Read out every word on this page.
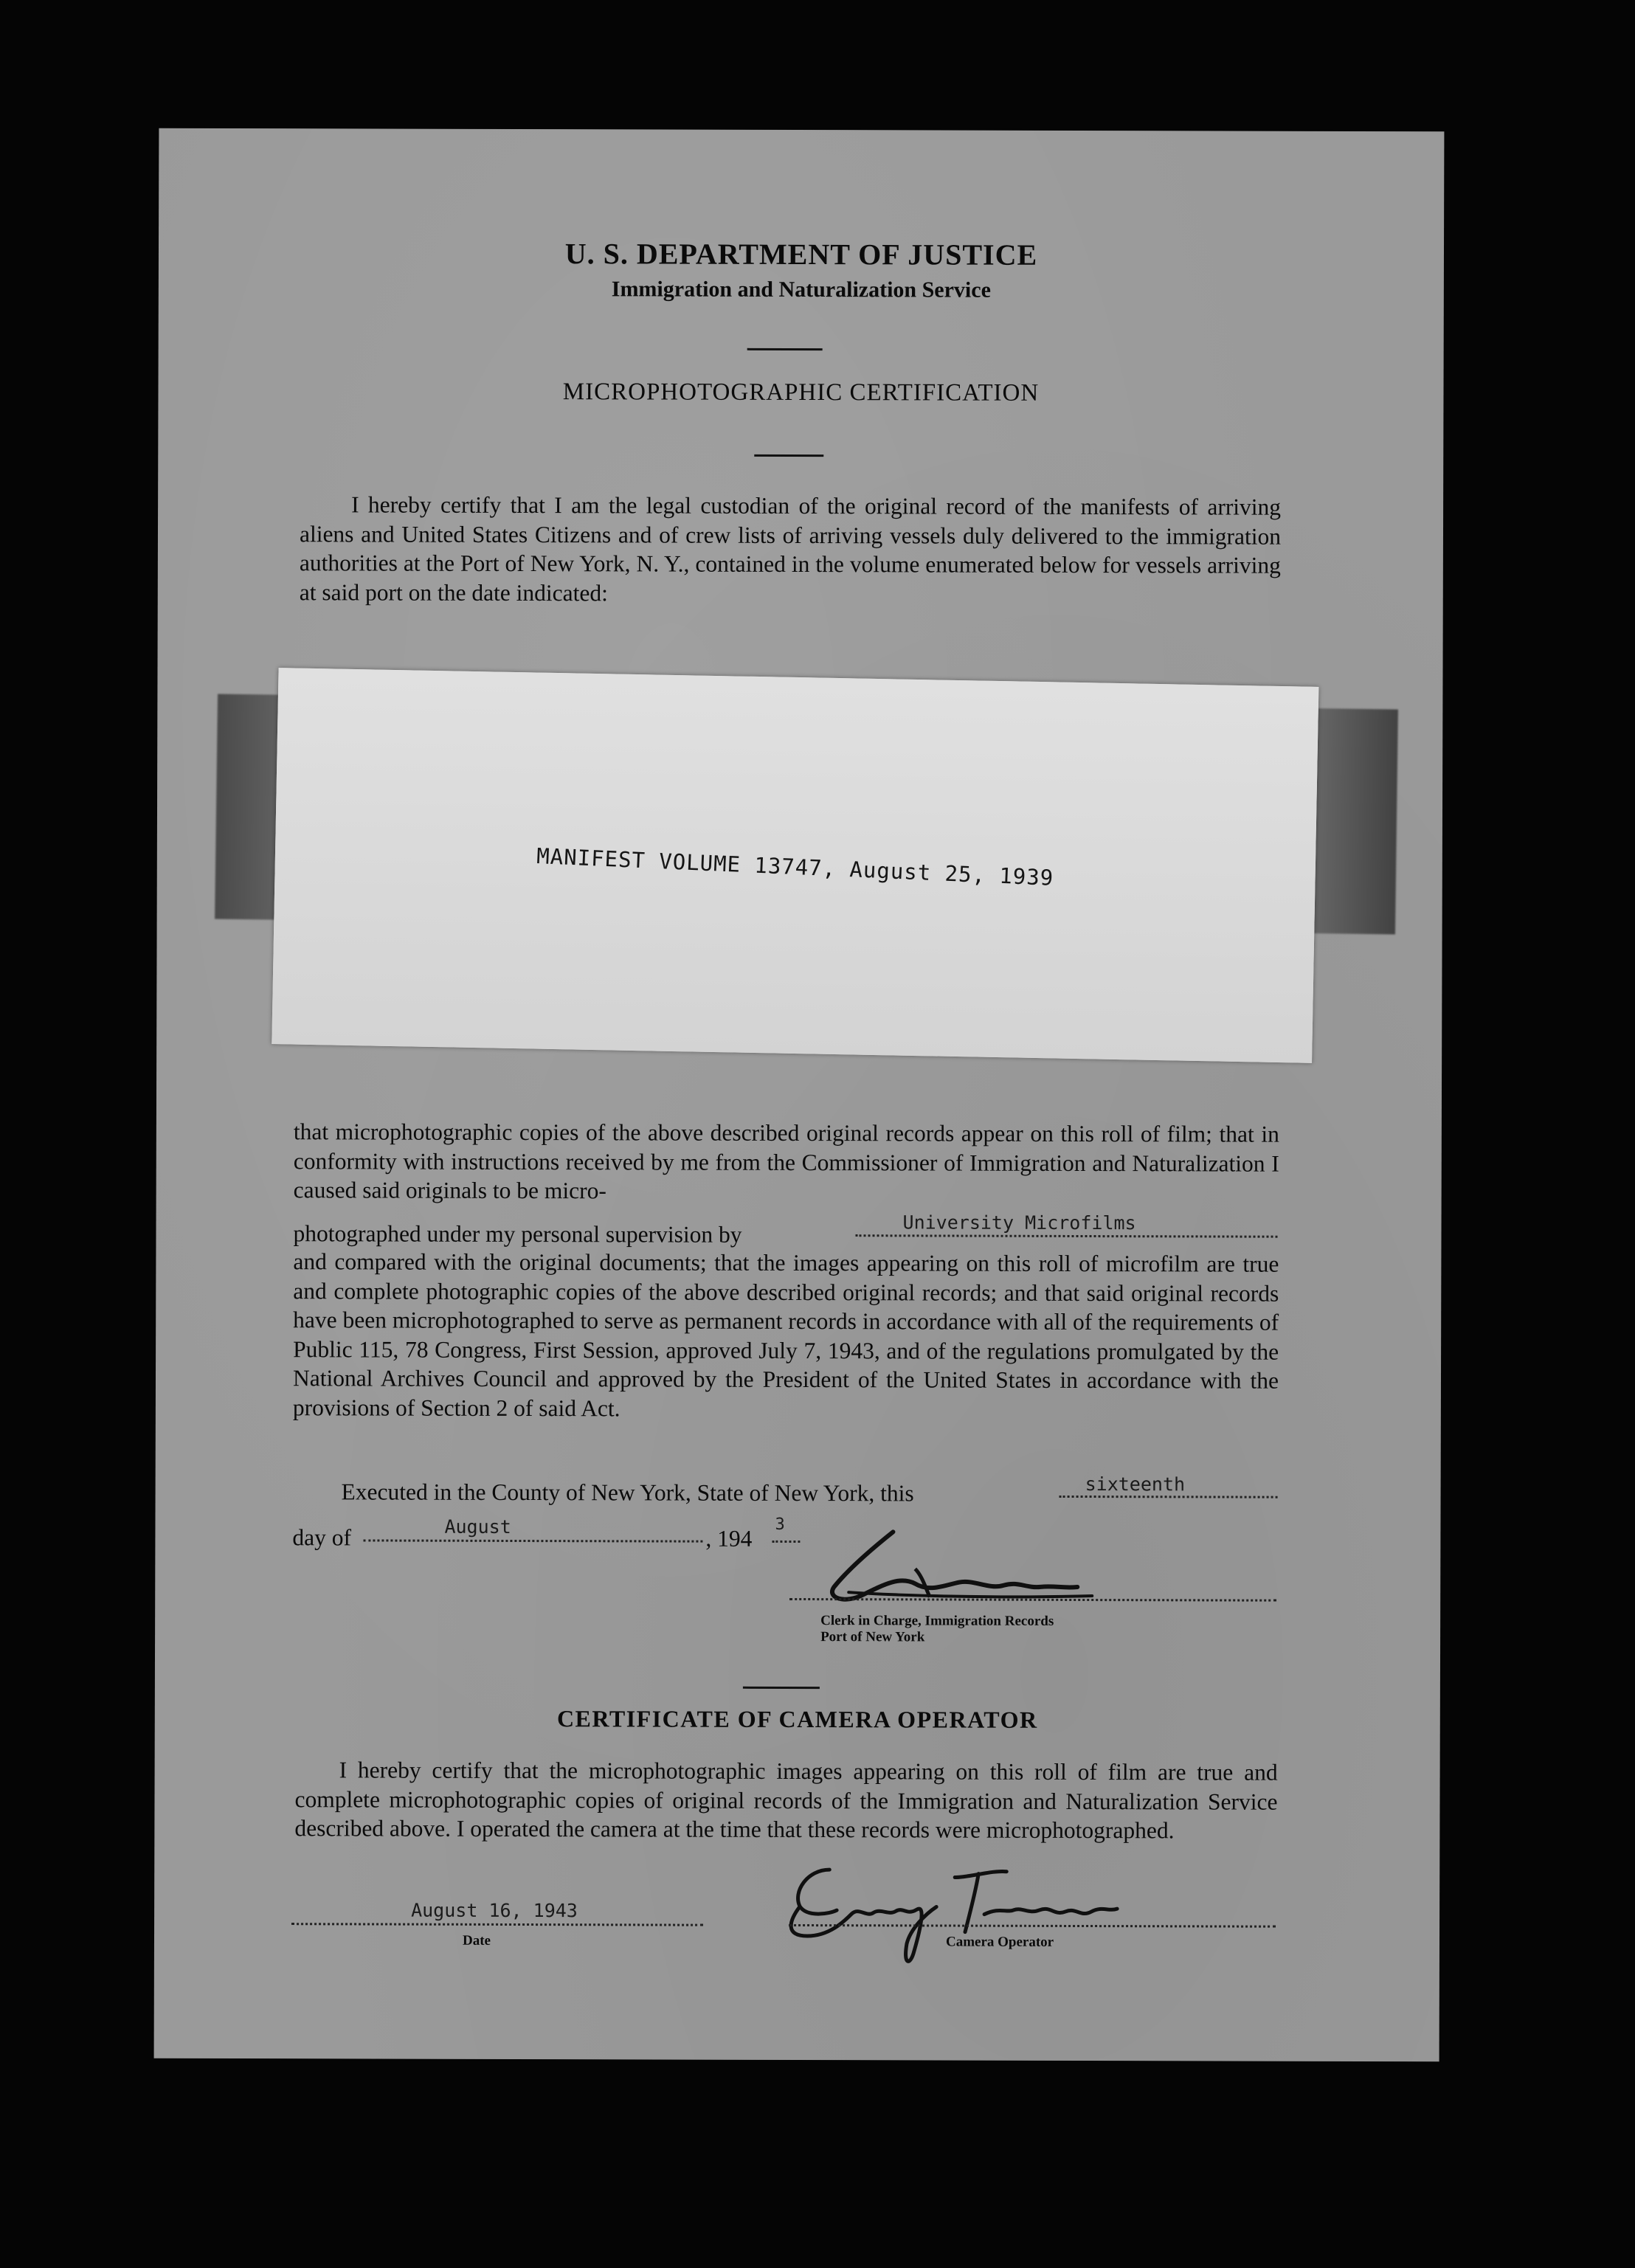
U. S. DEPARTMENT OF JUSTICE
Immigration and Naturalization Service
MICROPHOTOGRAPHIC CERTIFICATION
I hereby certify that I am the legal custodian of the original record of the manifests of arriving aliens and United States Citizens and of crew lists of arriving vessels duly delivered to the immigration authorities at the Port of New York, N. Y., contained in the volume enumerated below for vessels arriving at said port on the date indicated:
MANIFEST VOLUME 13747, August 25, 1939
that microphotographic copies of the above described original records appear on this roll of film; that in conformity with instructions received by me from the Commissioner of Immigration and Naturalization I caused said originals to be micro-
photographed under my personal supervision by	University Microfilms
and compared with the original documents; that the images appearing on this roll of microfilm are true and complete photographic copies of the above described original records; and that said original records have been microphotographed to serve as permanent records in accordance with all of the requirements of Public 115, 78 Congress, First Session, approved July 7, 1943, and of the regulations promulgated by the National Archives Council and approved by the President of the United States in accordance with the provisions of Section 2 of said Act.
Executed in the County of New York, State of New York, this	sixteenth
day of	August	, 194
3
Clerk in Charge, Immigration Records
Port of New York
CERTIFICATE OF CAMERA OPERATOR
I hereby certify that the microphotographic images appearing on this roll of film are true and complete microphotographic copies of original records of the Immigration and Naturalization Service described above. I operated the camera at the time that these records were microphotographed.
August 16, 1943
Date	Camera Operator
